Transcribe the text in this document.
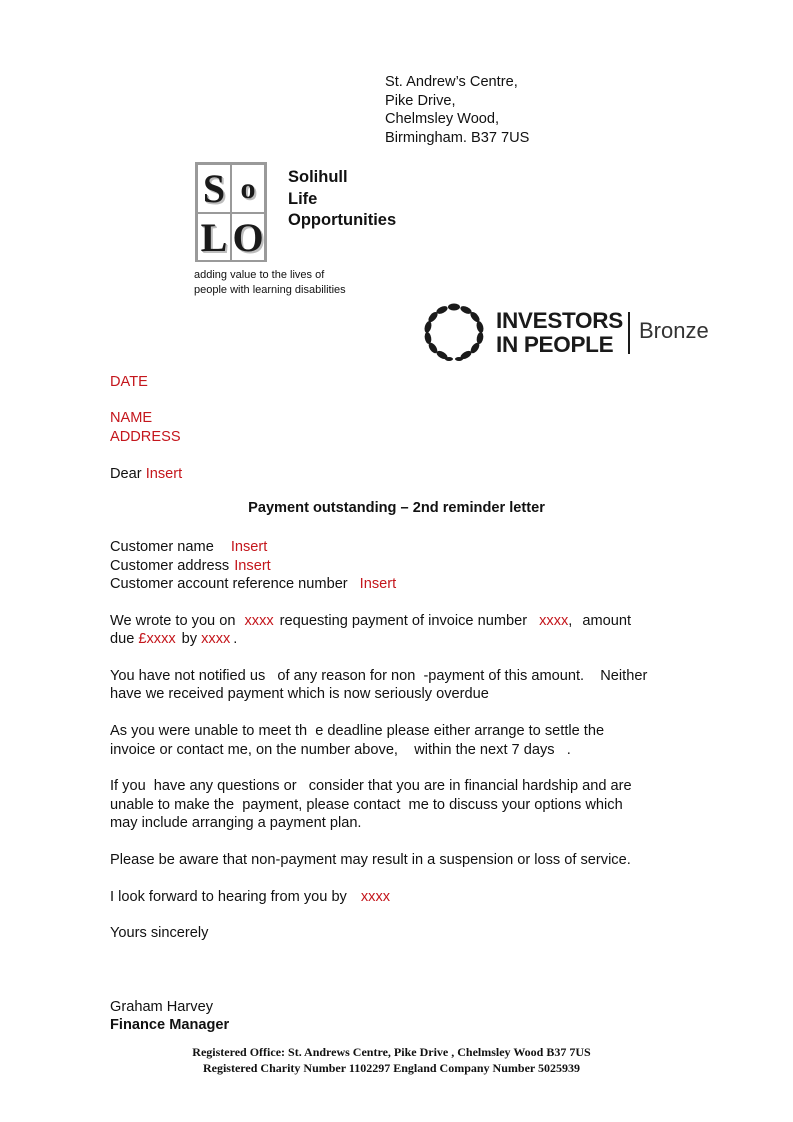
St. Andrew’s Centre,
Pike Drive,
Chelmsley Wood,
Birmingham. B37 7US
S o
L O
Solihull
Life
Opportunities
adding value to the lives of
people with learning disabilities
INVESTORS
IN PEOPLE
Bronze
DATE
NAME
ADDRESS
Dear Insert
Payment outstanding – 2nd reminder letter
Customer name Insert
Customer address Insert
Customer account reference number Insert
We wrote to you on xxxx requesting payment of invoice number xxxx, amount
due £xxxx by xxxx .
You have not notified us   of any reason for non  -payment of this amount.    Neither
have we received payment which is now seriously overdue
As you were unable to meet th  e deadline please either arrange to settle the
invoice or contact me, on the number above,    within the next 7 days   .
If you  have any questions or   consider that you are in financial hardship and are
unable to make the  payment, please contact  me to discuss your options which
may include arranging a payment plan.
Please be aware that non-payment may result in a suspension or loss of service.
I look forward to hearing from you by xxxx
Yours sincerely
Graham Harvey
Finance Manager
Registered Office: St. Andrews Centre, Pike Drive , Chelmsley Wood B37 7US
Registered Charity Number 1102297 England Company Number 5025939
